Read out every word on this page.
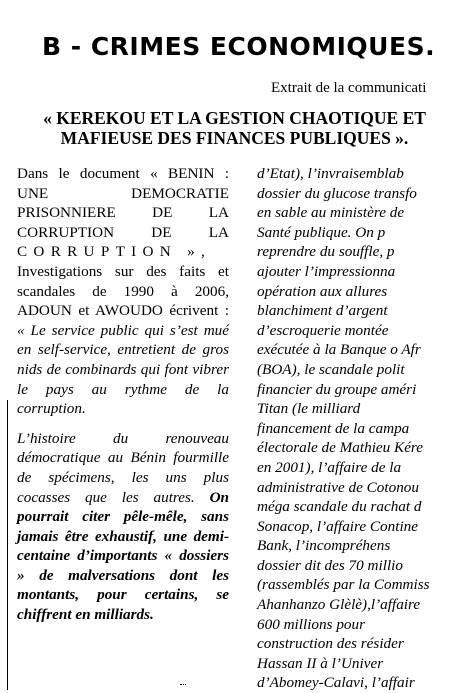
B - CRIMES ECONOMIQUES.
Extrait de la communicati
« KEREKOU ET LA GESTION CHAOTIQUE ET
MAFIEUSE DES FINANCES PUBLIQUES ».

Dans le document « BENIN :
UNE DEMOCRATIE
PRISONNIERE DE LA
CORRUPTION DE LA
CORRUPTION »,
Investigations sur des faits et scandales de 1990 à 2006, ADOUN et AWOUDO écrivent : « Le service public qui s’est mué en self-service, entretient de gros nids de combinards qui font vibrer le pays au rythme de la corruption.

L’histoire du renouveau démocratique au Bénin fourmille de spécimens, les uns plus cocasses que les autres. On pourrait citer pêle-mêle, sans jamais être exhaustif, une demi-centaine d’importants « dossiers » de malversations dont les montants, pour certains, se chiffrent en milliards.

d’Etat), l’invraisemblab
dossier du glucose transfo
en sable au ministère de
Santé publique. On p
reprendre du souffle, p
ajouter l’impressionna
opération aux allures
blanchiment d’argent
d’escroquerie montée
exécutée à la Banque o Afr
(BOA), le scandale polit
financier du groupe améri
Titan (le milliard
financement de la campa
électorale de Mathieu Kére
en 2001), l’affaire de la
administrative de Cotonou
méga scandale du rachat d
Sonacop, l’affaire Contine
Bank, l’incompréhens
dossier dit des 70 millio
(rassemblés par la Commiss
Ahanhanzo Glèlè),l’affaire
600 millions pour
construction des résider
Hassan II à l’Univer
d’Abomey-Calavi, l’affair
